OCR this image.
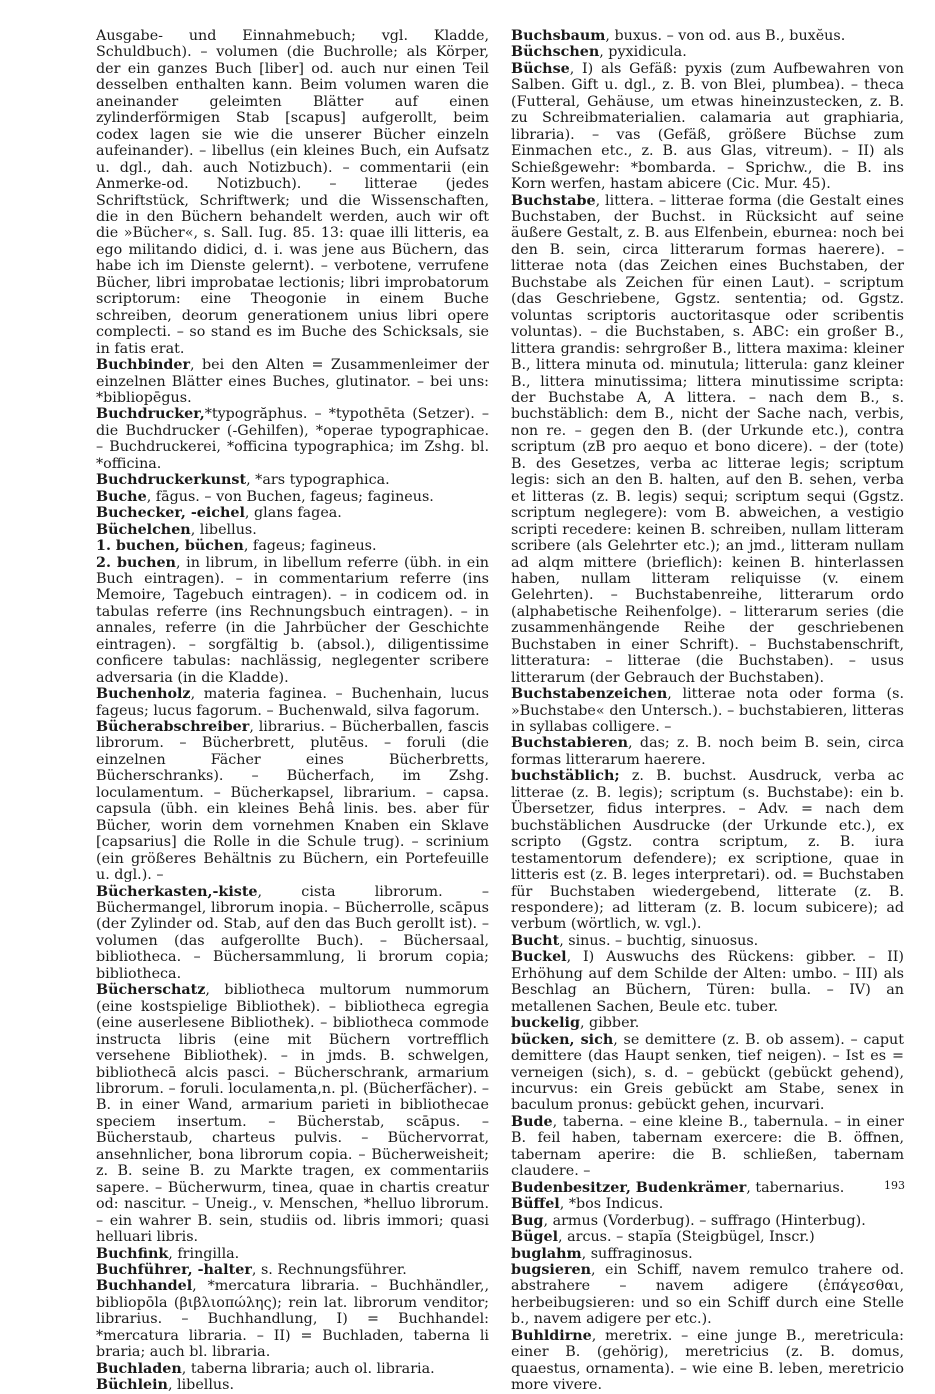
Ausgabe- und Einnahmebuch; vgl. Kladde, Schuldbuch). – volumen (die Buchrolle; als Körper, der ein ganzes Buch [liber] od. auch nur einen Teil desselben enthalten kann. Beim volumen waren die aneinander geleimten Blätter auf einen zylinderförmigen Stab [scapus] aufgerollt, beim codex lagen sie wie die unserer Bücher einzeln aufeinander). – libellus (ein kleines Buch, ein Aufsatz u. dgl., dah. auch Notizbuch). – commentarii (ein Anmerke-od. Notizbuch). – litterae (jedes Schriftstück, Schriftwerk; und die Wissenschaften, die in den Büchern behandelt werden, auch wir oft die »Bücher«, s. Sall. Iug. 85. 13: quae illi litteris, ea ego militando didici, d. i. was jene aus Büchern, das habe ich im Dienste gelernt). – verbotene, verrufene Bücher, libri improbatae lectionis; libri improbatorum scriptorum: eine Theogonie in einem Buche schreiben, deorum generationem unius libri opere complecti. – so stand es im Buche des Schicksals, sie in fatis erat.

Buchbinder, bei den Alten = Zusammenleimer der einzelnen Blätter eines Buches, glutinator. – bei uns: *bibliopēgus.

Buchdrucker,*typogrăphus. – *typothēta (Setzer). – die Buchdrucker (-Gehilfen), *operae typographicae. – Buchdruckerei, *officina typographica; im Zshg. bl. *officina.

Buchdruckerkunst, *ars typographica.

Buche, fāgus. – von Buchen, fageus; fagineus.

Buchecker, -eichel, glans fagea.

Büchelchen, libellus.

1. buchen, büchen, fageus; fagineus.

2. buchen, in librum, in libellum referre (übh. in ein Buch eintragen). – in commentarium referre (ins Memoire, Tagebuch eintragen). – in codicem od. in tabulas referre (ins Rechnungsbuch eintragen). – in annales, referre (in die Jahrbücher der Geschichte eintragen). – sorgfältig b. (absol.), diligentissime conficere tabulas: nachlässig, neglegenter scribere adversaria (in die Kladde).

Buchenholz, materia faginea. – Buchenhain, lucus fageus; lucus fagorum. – Buchenwald, silva fagorum.

Bücherabschreiber, librarius. – Bücherballen, fascis librorum. – Bücherbrett, plutēus. – foruli (die einzelnen Fächer eines Bücherbretts, Bücherschranks). – Bücherfach, im Zshg. loculamentum. – Bücherkapsel, librarium. – capsa. capsula (übh. ein kleines Behâ linis. bes. aber für Bücher, worin dem vornehmen Knaben ein Sklave [capsarius] die Rolle in die Schule trug). – scrinium (ein größeres Behältnis zu Büchern, ein Portefeuille u. dgl.). –

Bücherkasten,-kiste, cista librorum. – Büchermangel, librorum inopia. – Bücherrolle, scāpus (der Zylinder od. Stab, auf den das Buch gerollt ist). – volumen (das aufgerollte Buch). – Büchersaal, bibliotheca. – Büchersammlung, li brorum copia; bibliotheca.

Bücherschatz, bibliotheca multorum nummorum (eine kostspielige Bibliothek). – bibliotheca egregia (eine auserlesene Bibliothek). – bibliotheca commode instructa libris (eine mit Büchern vortrefflich versehene Bibliothek). – in jmds. B. schwelgen, bibliothecā alcis pasci. – Bücherschrank, armarium librorum. – foruli. loculamenta,n. pl. (Bücherfächer). – B. in einer Wand, armarium parieti in bibliothecae speciem insertum. – Bücherstab, scāpus. – Bücherstaub, charteus pulvis. – Büchervorrat, ansehnlicher, bona librorum copia. – Bücherweisheit; z. B. seine B. zu Markte tragen, ex commentariis sapere. – Bücherwurm, tinea, quae in chartis creatur od: nascitur. – Uneig., v. Menschen, *helluo librorum. – ein wahrer B. sein, studiis od. libris immori; quasi helluari libris.

Buchfink, fringilla.

Buchführer, -halter, s. Rechnungsführer.

Buchhandel, *mercatura libraria. – Buchhändler,, bibliopōla (βιβλιοπώλης); rein lat. librorum venditor; librarius. – Buchhandlung, I) = Buchhandel: *mercatura libraria. – II) = Buchladen, taberna li braria; auch bl. libraria.

Buchladen, taberna libraria; auch ol. libraria.

Büchlein, libellus.

Buchsbaum, buxus. – von od. aus B., buxĕus.

Büchschen, pyxidicula.

Büchse, I) als Gefäß: pyxis (zum Aufbewahren von Salben. Gift u. dgl., z. B. von Blei, plumbea). – theca (Futteral, Gehäuse, um etwas hineinzustecken, z. B. zu Schreibmaterialien. calamaria aut graphiaria, libraria). – vas (Gefäß, größere Büchse zum Einmachen etc., z. B. aus Glas, vitreum). – II) als Schießgewehr: *bombarda. – Sprichw., die B. ins Korn werfen, hastam abicere (Cic. Mur. 45).

Buchstabe, littera. – litterae forma (die Gestalt eines Buchstaben, der Buchst. in Rücksicht auf seine äußere Gestalt, z. B. aus Elfenbein, eburnea: noch bei den B. sein, circa litterarum formas haerere). – litterae nota (das Zeichen eines Buchstaben, der Buchstabe als Zeichen für einen Laut). – scriptum (das Geschriebene, Ggstz. sententia; od. Ggstz. voluntas scriptoris auctoritasque oder scribentis voluntas). – die Buchstaben, s. ABC: ein großer B., littera grandis: sehrgroßer B., littera maxima: kleiner B., littera minuta od. minutula; litterula: ganz kleiner B., littera minutissima; littera minutissime scripta: der Buchstabe A, A littera. – nach dem B., s. buchstäblich: dem B., nicht der Sache nach, verbis, non re. – gegen den B. (der Urkunde etc.), contra scriptum (zB pro aequo et bono dicere). – der (tote) B. des Gesetzes, verba ac litterae legis; scriptum legis: sich an den B. halten, auf den B. sehen, verba et litteras (z. B. legis) sequi; scriptum sequi (Ggstz. scriptum neglegere): vom B. abweichen, a vestigio scripti recedere: keinen B. schreiben, nullam litteram scribere (als Gelehrter etc.); an jmd., litteram nullam ad alqm mittere (brieflich): keinen B. hinterlassen haben, nullam litteram reliquisse (v. einem Gelehrten). – Buchstabenreihe, litterarum ordo (alphabetische Reihenfolge). – litterarum series (die zusammenhängende Reihe der geschriebenen Buchstaben in einer Schrift). – Buchstabenschrift, litteratura: – litterae (die Buchstaben). – usus litterarum (der Gebrauch der Buchstaben).

Buchstabenzeichen, litterae nota oder forma (s. »Buchstabe« den Untersch.). – buchstabieren, litteras in syllabas colligere. –

Buchstabieren, das; z. B. noch beim B. sein, circa formas litterarum haerere.

buchstäblich; z. B. buchst. Ausdruck, verba ac litterae (z. B. legis); scriptum (s. Buchstabe): ein b. Übersetzer, fidus interpres. – Adv. = nach dem buchstäblichen Ausdrucke (der Urkunde etc.), ex scripto (Ggstz. contra scriptum, z. B. iura testamentorum defendere); ex scriptione, quae in litteris est (z. B. leges interpretari). od. = Buchstaben für Buchstaben wiedergebend, litterate (z. B. respondere); ad litteram (z. B. locum subicere); ad verbum (wörtlich, w. vgl.).

Bucht, sinus. – buchtig, sinuosus.

Buckel, I) Auswuchs des Rückens: gibber. – II) Erhöhung auf dem Schilde der Alten: umbo. – III) als Beschlag an Büchern, Türen: bulla. – IV) an metallenen Sachen, Beule etc. tuber.

buckelig, gibber.

bücken, sich, se demittere (z. B. ob assem). – caput demittere (das Haupt senken, tief neigen). – Ist es = verneigen (sich), s. d. – gebückt (gebückt gehend), incurvus: ein Greis gebückt am Stabe, senex in baculum pronus: gebückt gehen, incurvari.

Bude, taberna. – eine kleine B., tabernula. – in einer B. feil haben, tabernam exercere: die B. öffnen, tabernam aperire: die B. schließen, tabernam claudere. –

Budenbesitzer, Budenkrämer, tabernarius.

Büffel, *bos Indicus.

Bug, armus (Vorderbug). – suffrago (Hinterbug).

Bügel, arcus. – stapĭa (Steigbügel, Inscr.)

buglahm, suffraginosus.

bugsieren, ein Schiff, navem remulco trahere od. abstrahere – navem adigere (ἐπάγεσθαι, herbeibugsieren: und so ein Schiff durch eine Stelle b., navem adigere per etc.).

Buhldirne, meretrix. – eine junge B., meretricula: einer B. (gehörig), meretricius (z. B. domus, quaestus, ornamenta). – wie eine B. leben, meretricio more vivere.

193
